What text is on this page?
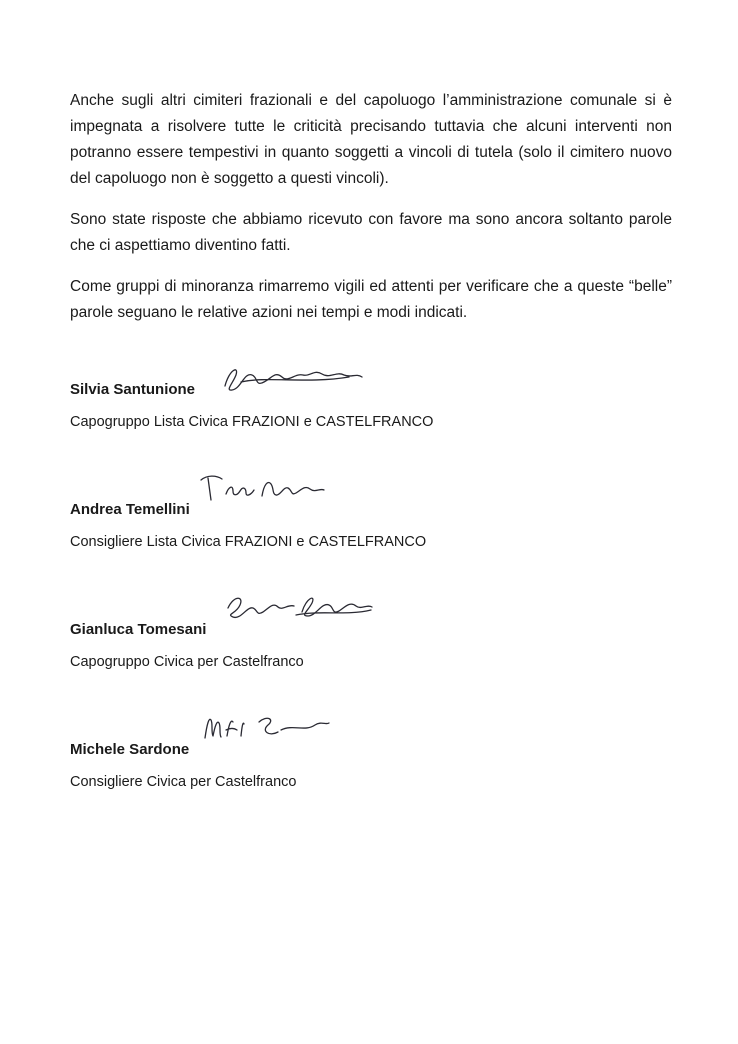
Anche sugli altri cimiteri frazionali e del capoluogo l’amministrazione comunale si è impegnata a risolvere tutte le criticità precisando tuttavia che alcuni interventi non potranno essere tempestivi in quanto soggetti a vincoli di tutela (solo il cimitero nuovo del capoluogo non è soggetto a questi vincoli).

Sono state risposte che abbiamo ricevuto con favore ma sono ancora soltanto parole che ci aspettiamo diventino fatti.

Come gruppi di minoranza rimarremo vigili ed attenti per verificare che a queste “belle” parole seguano le relative azioni nei tempi e modi indicati.

Silvia Santunione

Capogruppo Lista Civica FRAZIONI e CASTELFRANCO

Andrea Temellini

Consigliere Lista Civica FRAZIONI e CASTELFRANCO

Gianluca Tomesani

Capogruppo Civica per Castelfranco

Michele Sardone

Consigliere Civica per Castelfranco
